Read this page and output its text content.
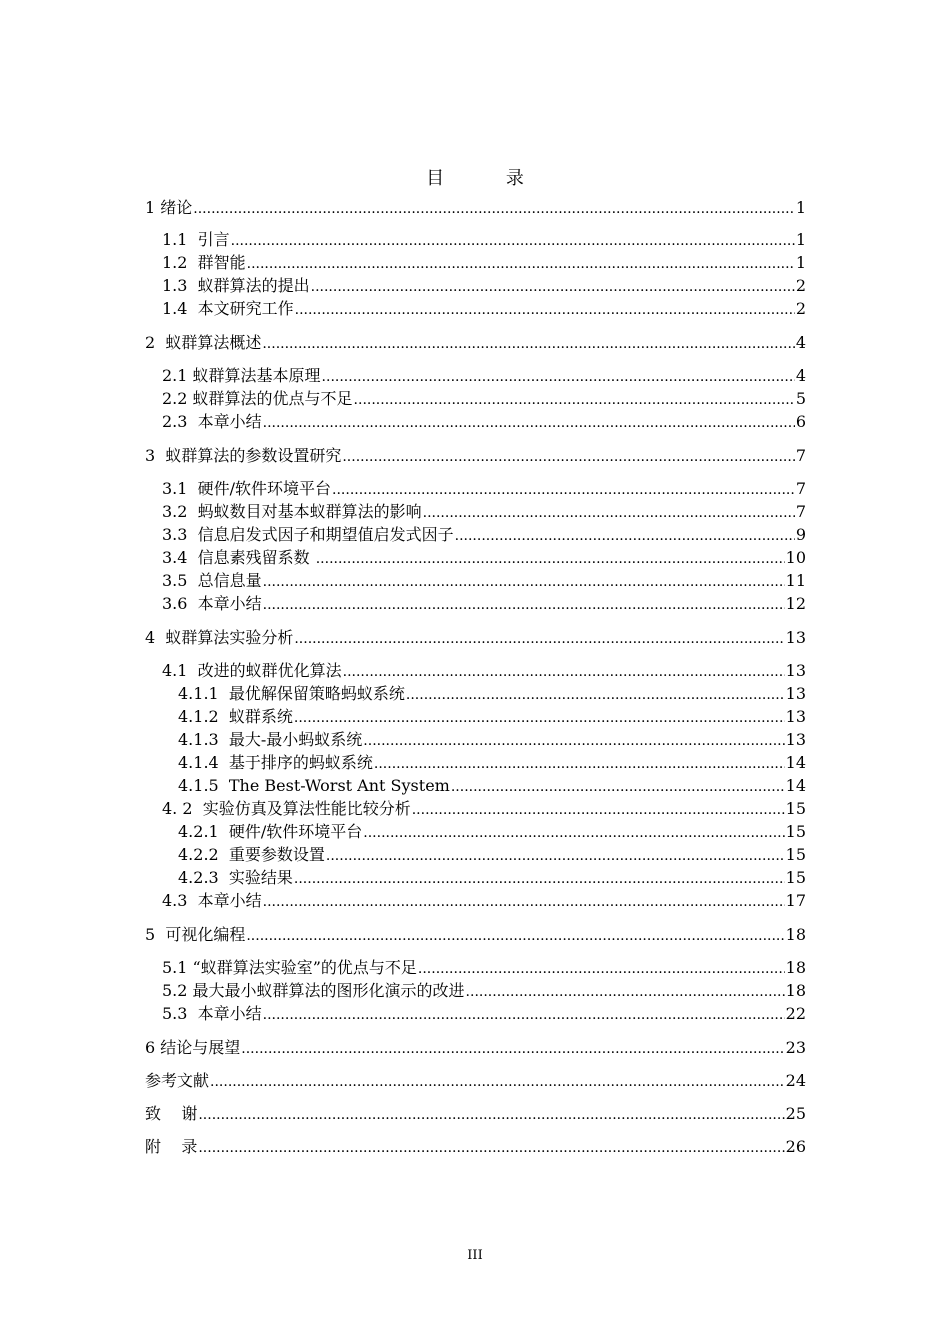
目 录
1 绪论 .....	1
1.1  引言 .....	1
1.2  群智能 .....	1
1.3  蚁群算法的提出 .....	2
1.4  本文研究工作 .....	2
2  蚁群算法概述 .....	4
2.1 蚁群算法基本原理 .....	4
2.2 蚁群算法的优点与不足 .....	5
2.3  本章小结 .....	6
3  蚁群算法的参数设置研究 .....	7
3.1  硬件/软件环境平台 .....	7
3.2  蚂蚁数目对基本蚁群算法的影响 .....	7
3.3  信息启发式因子和期望值启发式因子 .....	9
3.4  信息素残留系数 .....	10
3.5  总信息量 .....	11
3.6  本章小结 .....	12
4  蚁群算法实验分析 .....	13
4.1  改进的蚁群优化算法 .....	13
4.1.1  最优解保留策略蚂蚁系统 .....	13
4.1.2  蚁群系统 .....	13
4.1.3  最大-最小蚂蚁系统 .....	13
4.1.4  基于排序的蚂蚁系统 .....	14
4.1.5  The Best-Worst Ant System .....	14
4. 2  实验仿真及算法性能比较分析 .....	15
4.2.1  硬件/软件环境平台 .....	15
4.2.2  重要参数设置 .....	15
4.2.3  实验结果 .....	15
4.3  本章小结 .....	17
5  可视化编程 .....	18
5.1 “蚁群算法实验室”的优点与不足 .....	18
5.2 最大最小蚁群算法的图形化演示的改进 .....	18
5.3  本章小结 .....	22
6 结论与展望 .....	23
参考文献 .....	24
致    谢 .....	25
附    录 .....	26
III
